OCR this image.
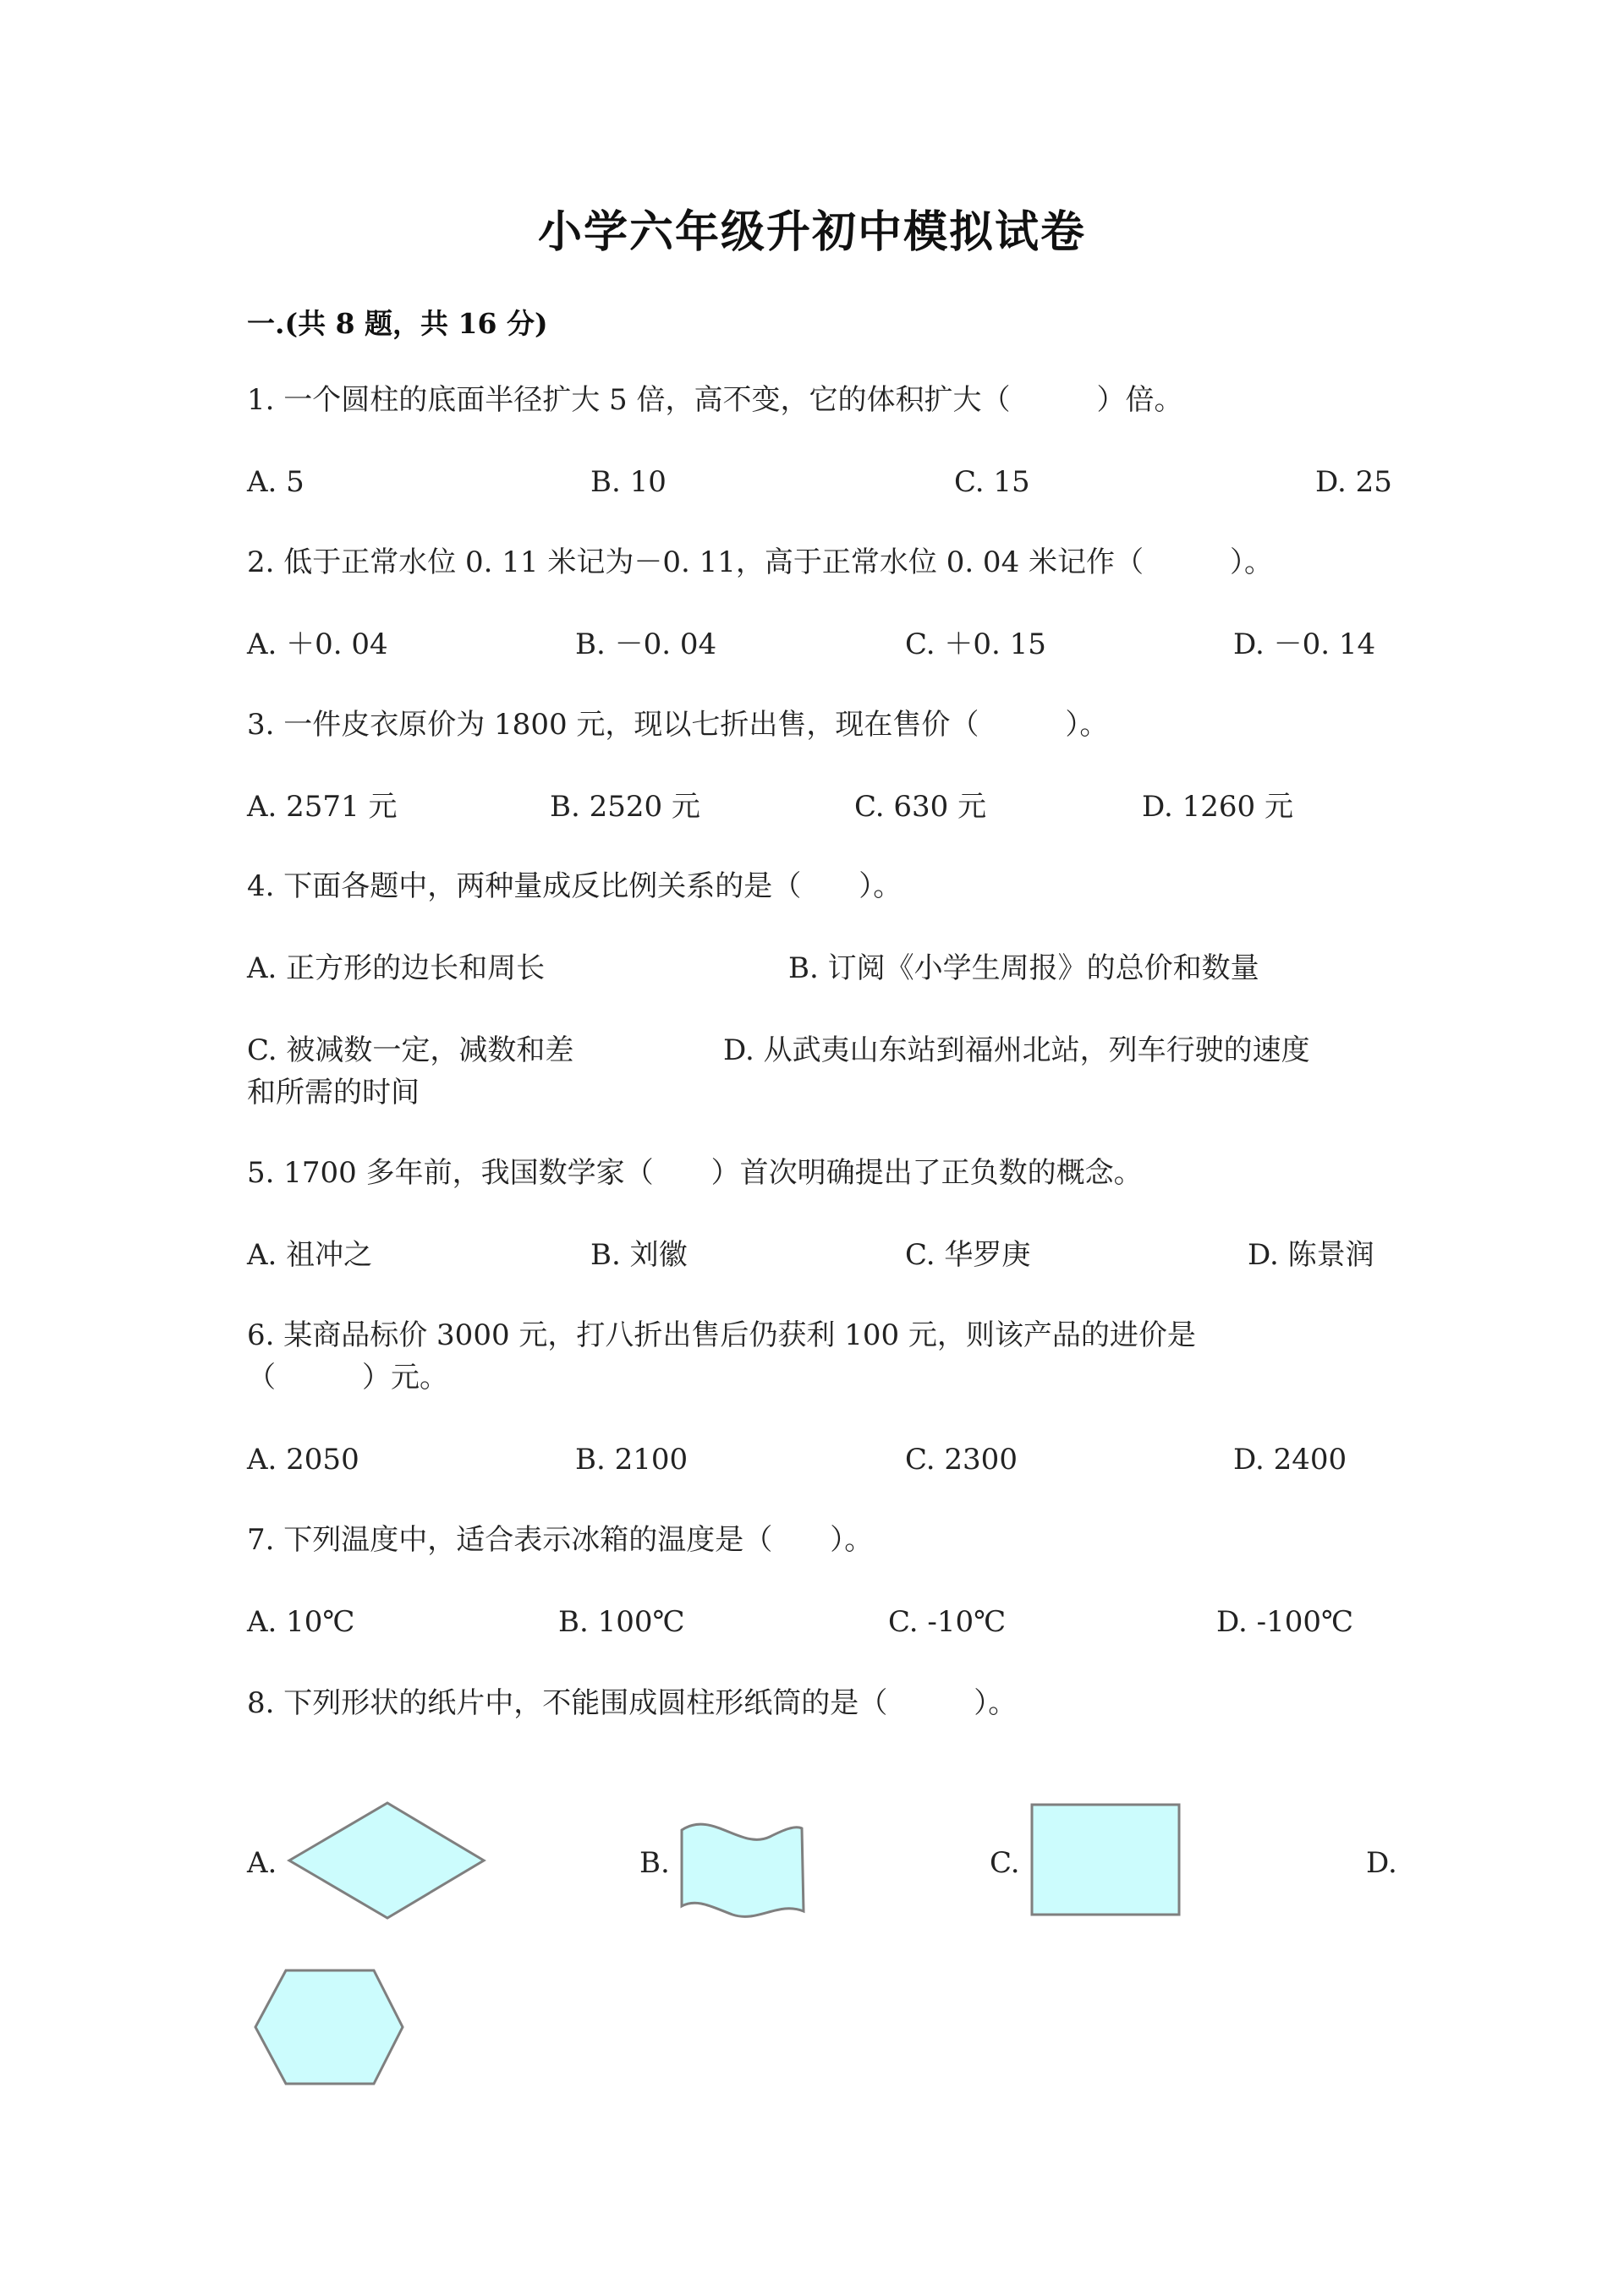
小学六年级升初中模拟试卷
一.(共 8 题，共 16 分)
1. 一个圆柱的底面半径扩大 5 倍，高不变，它的体积扩大（　　　）倍。
A. 5	B. 10	C. 15	D. 25
2. 低于正常水位 0. 11 米记为－0. 11，高于正常水位 0. 04 米记作（　　　）。
A. ＋0. 04	B. －0. 04	C. ＋0. 15	D. －0. 14
3. 一件皮衣原价为 1800 元，现以七折出售，现在售价（　　　）。
A. 2571 元	B. 2520 元	C. 630 元	D. 1260 元
4. 下面各题中，两种量成反比例关系的是（　　）。
A. 正方形的边长和周长	B. 订阅《小学生周报》的总价和数量
C. 被减数一定，减数和差	D. 从武夷山东站到福州北站，列车行驶的速度
和所需的时间
5. 1700 多年前，我国数学家（　　）首次明确提出了正负数的概念。
A. 祖冲之	B. 刘徽	C. 华罗庚	D. 陈景润
6. 某商品标价 3000 元，打八折出售后仍获利 100 元，则该产品的进价是
（　　　）元。
A. 2050	B. 2100	C. 2300	D. 2400
7. 下列温度中，适合表示冰箱的温度是（　　）。
A. 10℃	B. 100℃	C. -10℃	D. -100℃
8. 下列形状的纸片中，不能围成圆柱形纸筒的是（　　　）。
A.	B.	C.	D.
